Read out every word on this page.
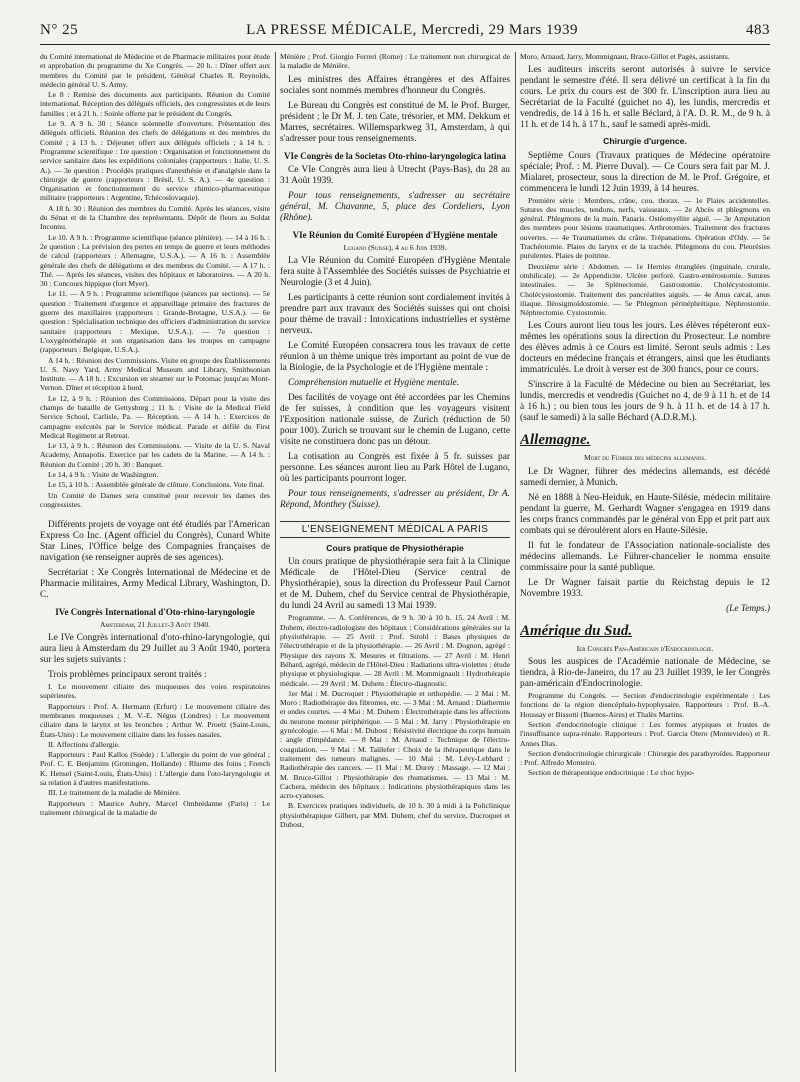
N° 25	LA PRESSE MÉDICALE, Mercredi, 29 Mars 1939	483

du Comité international de Médecine et de Pharmacie militaires pour étude et approbation du programme du Xe Congrès. — 20 h. : Dîner offert aux membres du Comité par le président, Général Charles R. Reynolds, médecin général U. S. Army.

Le 8 : Remise des documents aux participants. Réunion du Comité international. Réception des délégués officiels, des congressistes et de leurs familles ; et à 21 h. : Soirée offerte par le président du Congrès.

Le 9. A 9 h. 30 : Séance solennelle d'ouverture. Présentation des délégués officiels. Réunion des chefs de délégations et des membres du Comité ; à 13 h. : Déjeuner offert aux délégués officiels ; à 14 h. : Programme scientifique : 1re question : Organisation et fonctionnement du service sanitaire dans les expéditions coloniales (rapporteurs : Italie, U. S. A.). — 3e question : Procédés pratiques d'anesthésie et d'analgésie dans la chirurgie de guerre (rapporteurs : Brésil, U. S. A.). — 4e question : Organisation et fonctionnement du service chimico-pharmaceutique militaire (rapporteurs : Argentine, Tchécoslovaquie).

A 18 h. 30 : Réunion des membres du Comité. Après les séances, visite du Sénat et de la Chambre des représentants. Dépôt de fleurs au Soldat Inconnu.

Le 10. A 9 h. : Programme scientifique (séance plénière). — 14 à 16 h. : 2e question : La prévision des pertes en temps de guerre et leurs méthodes de calcul (rapporteurs : Allemagne, U.S.A.). — A 16 h. : Assemblée générale des chefs de délégations et des membres du Comité. — A 17 h. : Thé. — Après les séances, visites des hôpitaux et laboratoires. — A 20 h. 30 : Concours hippique (fort Myer).

Le 11. — A 9 h. : Programme scientifique (séances par sections). — 5e question : Traitement d'urgence et appareillage primaire des fractures de guerre des maxillaires (rapporteurs : Grande-Bretagne, U.S.A.). — 6e question : Spécialisation technique des officiers d'administration du service sanitaire (rapporteurs : Mexique, U.S.A.). — 7e question : L'oxygénothérapie et son organisation dans les troupes en campagne (rapporteurs : Belgique, U.S.A.).

A 14 h. : Réunion des Commissions. Visite en groupe des Établissements U. S. Navy Yard, Army Medical Museum and Library, Smithsonian Institute. — A 18 h. : Excursion en steamer sur le Potomac jusqu'au Mont-Vernon. Dîner et réception à bord.

Le 12, à 9 h. : Réunion des Commissions. Départ pour la visite des champs de bataille de Gettysburg ; 11 h. : Visite de la Medical Field Service School, Carlisle, Pa. — Réception. — A 14 h. : Exercices de campagne exécutés par le Service médical. Parade et défilé du First Medical Regiment at Retreat.

Le 13, à 9 h. : Réunion des Commissions. — Visite de la U. S. Naval Academy, Annapolis. Exercice par les cadets de la Marine. — A 14 h. : Réunion du Comité ; 20 h. 30 : Banquet.

Le 14, à 9 h. : Visite de Washington.

Le 15, à 10 h. : Assemblée générale de clôture. Conclusions. Vote final.

Un Comité de Dames sera constitué pour recevoir les dames des congressistes.

Différents projets de voyage ont été étudiés par l'American Express Co Inc. (Agent officiel du Congrès), Cunard White Star Lines, l'Office belge des Compagnies françaises de navigation (se renseigner auprès de ses agences).

Secrétariat : Xe Congrès International de Médecine et de Pharmacie militaires, Army Medical Library, Washington, D. C.

IVe Congrès International d'Oto-rhino-laryngologie
Amsterdam, 21 Juillet-3 Août 1940.

Le IVe Congrès international d'oto-rhino-laryngologie, qui aura lieu à Amsterdam du 29 Juillet au 3 Août 1940, portera sur les sujets suivants :

Trois problèmes principaux seront traités :

I. Le mouvement ciliaire des muqueuses des voies respiratoires supérieures.

Rapporteurs : Prof. A. Hermann (Erfurt) : Le mouvement ciliaire des membranes muqueuses ; M. V.-E. Négus (Londres) : Le mouvement ciliaire dans le larynx et les bronches ; Arthur W. Proetz (Saint-Louis, États-Unis) : Le mouvement ciliaire dans les fosses nasales.

II. Affections d'allergie.

Rapporteurs : Paul Kallos (Suède) : L'allergie du point de vue général ; Prof. C. E. Benjamins (Groningen, Hollande) : Rhume des foins ; French K. Hensel (Saint-Louis, États-Unis) : L'allergie dans l'oto-laryngologie et sa relation à d'autres manifestations.

III. Le traitement de la maladie de Ménière.

Rapporteurs : Maurice Aubry, Marcel Ombrédanne (Paris) : Le traitement chirurgical de la maladie de

Ménière ; Prof. Giorgio Ferreri (Rome) : Le traitement non chirurgical de la maladie de Ménière.

Les ministres des Affaires étrangères et des Affaires sociales sont nommés membres d'honneur du Congrès.

Le Bureau du Congrès est constitué de M. le Prof. Burger, président ; le Dr M. J. ten Cate, trésorier, et MM. Dekkum et Marres, secrétaires. Willemsparkweg 31, Amsterdam, à qui s'adresser pour tous renseignements.

VIe Congrès de la Societas Oto-rhino-laryngologica latina

Ce VIe Congrès aura lieu à Utrecht (Pays-Bas), du 28 au 31 Août 1939.

Pour tous renseignements, s'adresser au secrétaire général, M. Chavanne, 5, place des Cordeliers, Lyon (Rhône).

VIe Réunion du Comité Européen d'Hygiène mentale
Lugano (Suisse), 4 au 6 Juin 1939.

La VIe Réunion du Comité Européen d'Hygiène Mentale fera suite à l'Assemblée des Sociétés suisses de Psychiatrie et Neurologie (3 et 4 Juin).

Les participants à cette réunion sont cordialement invités à prendre part aux travaux des Sociétés suisses qui ont choisi pour thème de travail : Intoxications industrielles et système nerveux.

Le Comité Européen consacrera tous les travaux de cette réunion à un thème unique très important au point de vue de la Biologie, de la Psychologie et de l'Hygiène mentale :

Compréhension mutuelle et Hygiène mentale.

Des facilités de voyage ont été accordées par les Chemins de fer suisses, à condition que les voyageurs visitent l'Exposition nationale suisse, de Zurich (réduction de 50 pour 100). Zurich se trouvant sur le chemin de Lugano, cette visite ne constituera donc pas un détour.

La cotisation au Congrès est fixée à 5 fr. suisses par personne. Les séances auront lieu au Park Hôtel de Lugano, où les participants pourront loger.

Pour tous renseignements, s'adresser au président, Dr A. Répond, Monthey (Suisse).

L'ENSEIGNEMENT MÉDICAL A PARIS
Cours pratique de Physiothérapie

Un cours pratique de physiothérapie sera fait à la Clinique Médicale de l'Hôtel-Dieu (Service central de Physiothérapie), sous la direction du Professeur Paul Carnot et de M. Duhem, chef du Service central de Physiothérapie, du lundi 24 Avril au samedi 13 Mai 1939.

Programme. — A. Conférences, de 9 h. 30 à 10 h. 15. 24 Avril : M. Duhem, électro-radiologiste des hôpitaux : Considérations générales sur la physiothérapie. — 25 Avril : Prof. Strohl : Bases physiques de l'électrothérapie et de la physiothérapie. — 26 Avril : M. Dognon, agrégé : Physique des rayons X. Mesures et filtrations. — 27 Avril : M. Henri Béhard, agrégé, médecin de l'Hôtel-Dieu : Radiations ultra-violettes : étude physique et physiologique. — 28 Avril : M. Mommignault : Hydrothérapie médicale. — 29 Avril : M. Duhem : Électro-diagnostic.

1er Mai : M. Ducroquet : Physiothérapie et orthopédie. — 2 Mai : M. Moro : Radiothérapie des fibromes, etc. — 3 Mai : M. Arnaud : Diathermie et ondes courtes. — 4 Mai : M. Duhem : Électrothérapie dans les affections du neurone moteur périphérique. — 5 Mai : M. Jarry : Physiothérapie en gynécologie. — 6 Mai : M. Dubost : Résistivité électrique du corps humain : angle d'impédance. — 8 Mai : M. Arnaud : Technique de l'électro-coagulation. — 9 Mai : M. Taillefer : Choix de la thérapeutique dans le traitement des tumeurs malignes. — 10 Mai : M. Lévy-Lebhard : Radiothérapie des cancers. — 11 Mai : M. Durey : Massage. — 12 Mai : M. Bruce-Gillot : Physiothérapie des rhumatismes. — 13 Mai : M. Cachera, médecin des hôpitaux : Indications physiothérapiques dans les acro-cyanoses.

B. Exercices pratiques individuels, de 10 h. 30 à midi à la Policlinique physiothérapique Gilbert, par MM. Duhem, chef du service, Ducroquet et Dubost,

Moro, Arnaud, Jarry, Mommignaut, Brace-Gillot et Pagès, assistants.

Les auditeurs inscrits seront autorisés à suivre le service pendant le semestre d'été. Il sera délivré un certificat à la fin du cours. Le prix du cours est de 300 fr. L'inscription aura lieu au Secrétariat de la Faculté (guichet no 4), les lundis, mercredis et vendredis, de 14 à 16 h. et salle Béclard, à l'A. D. R. M., de 9 h. à 11 h. et de 14 h. à 17 h., sauf le samedi après-midi.

Chirurgie d'urgence.

Septième Cours (Travaux pratiques de Médecine opératoire spéciale; Prof. : M. Pierre Duval). — Ce Cours sera fait par M. J. Mialaret, prosecteur, sous la direction de M. le Prof. Grégoire, et commencera le lundi 12 Juin 1939, à 14 heures.

Première série : Membres, crâne, cou, thorax. — 1e Plaies accidentelles. Sutures des muscles, tendons, nerfs, vaisseaux. — 2e Abcès et phlegmons en général. Phlegmons de la main. Panaris. Ostéomyélite aiguë. — 3e Amputation des membres pour lésions traumatiques. Arthrotomies. Traitement des fractures ouvertes. — 4e Traumatismes du crâne. Trépanations. Opération d'Ody. — 5e Trachéotomie. Plaies du larynx et de la trachée. Phlegmons du cou. Pleurésies purulentes. Plaies de poitrine.

Deuxième série : Abdomen. — 1e Hernies étranglées (inguinale, crurale, ombilicale). — 2e Appendicite. Ulcère perforé. Gastro-entérostomie. Sutures intestinales. — 3e Splénectomie. Gastrostomie. Cholécystostomie. Cholécystostomie. Traitement des pancréatites aiguës. — 4e Anus cæcal, anus iliaque. Iléosigmoïdostomie. — 5e Phlegmon périnéphrétique. Néphrostomie. Néphrectomie. Cystostomie.

Les Cours auront lieu tous les jours. Les élèves répéteront eux-mêmes les opérations sous la direction du Prosecteur. Le nombre des élèves admis à ce Cours est limité. Seront seuls admis : Les docteurs en médecine français et étrangers, ainsi que les étudiants immatriculés. Le droit à verser est de 300 francs, pour ce cours.

S'inscrire à la Faculté de Médecine ou bien au Secrétariat, les lundis, mercredis et vendredis (Guichet no 4, de 9 à 11 h. et de 14 à 16 h.) ; ou bien tous les jours de 9 h. à 11 h. et de 14 à 17 h. (sauf le samedi) à la salle Béchard (A.D.R.M.).

Allemagne.
Mort du Führer des médecins allemands.

Le Dr Wagner, führer des médecins allemands, est décédé samedi dernier, à Munich.

Né en 1888 à Neu-Heiduk, en Haute-Silésie, médecin militaire pendant la guerre, M. Gerhardt Wagner s'engagea en 1919 dans les corps francs commandés par le général von Epp et prit part aux combats qui se déroulèrent alors en Haute-Silésie.

Il fut le fondateur de l'Association nationale-socialiste des médecins allemands. Le Führer-chancelier le nomma ensuite commissaire pour la santé publique.

Le Dr Wagner faisait partie du Reichstag depuis le 12 Novembre 1933.

(Le Temps.)
Amérique du Sud.
Ier Congrès Pan-Américain d'Endocrinologie.

Sous les auspices de l'Académie nationale de Médecine, se tiendra, à Rio-de-Janeiro, du 17 au 23 Juillet 1939, le Ier Congrès pan-américain d'Endocrinologie.

Programme du Congrès. — Section d'endocrinologie expérimentale : Les fonctions de la région diencéphalo-hypophysaire. Rapporteurs : Prof. B.-A. Houssay et Bissotti (Buenos-Aires) et Thalès Martins.

Section d'endocrinologie clinique : Les formes atypiques et frustes de l'insuffisance supra-rénale. Rapporteurs : Prof. Garcia Otero (Montevideo) et R. Annes Dias.

Section d'endocrinologie chirurgicale : Chirurgie des parathyroïdes. Rapporteur : Prof. Alfredo Monteiro.

Section de thérapeutique endocrinique : Le choc hypo-
